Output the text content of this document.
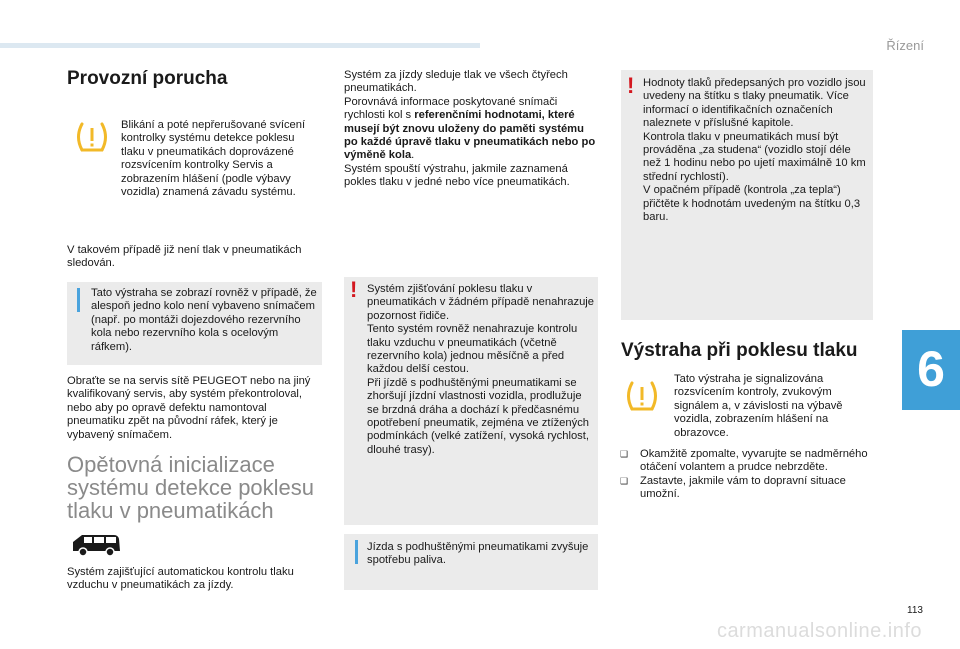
Řízení
6
Provozní porucha

Blikání a poté nepřerušované svícení kontrolky systému detekce poklesu tlaku v pneumatikách doprovázené rozsvícením kontrolky Servis a zobrazením hlášení (podle výbavy vozidla) znamená závadu systému.

V takovém případě již není tlak v pneumatikách sledován.

Tato výstraha se zobrazí rovněž v případě, že alespoň jedno kolo není vybaveno snímačem (např. po montáži dojezdového rezervního kola nebo rezervního kola s ocelovým ráfkem).

Obraťte se na servis sítě PEUGEOT nebo na jiný kvalifikovaný servis, aby systém překontroloval, nebo aby po opravě defektu namontoval pneumatiku zpět na původní ráfek, který je vybavený snímačem.

Opětovná inicializace systému detekce poklesu tlaku v pneumatikách

Systém zajišťující automatickou kontrolu tlaku vzduchu v pneumatikách za jízdy.

Systém za jízdy sleduje tlak ve všech čtyřech pneumatikách.

Porovnává informace poskytované snímači rychlosti kol s referenčními hodnotami, které musejí být znovu uloženy do paměti systému po každé úpravě tlaku v pneumatikách nebo po výměně kola.

Systém spouští výstrahu, jakmile zaznamená pokles tlaku v jedné nebo více pneumatikách.

! Systém zjišťování poklesu tlaku v pneumatikách v žádném případě nenahrazuje pozornost řidiče.
Tento systém rovněž nenahrazuje kontrolu tlaku vzduchu v pneumatikách (včetně rezervního kola) jednou měsíčně a před každou delší cestou.
Při jízdě s podhuštěnými pneumatikami se zhoršují jízdní vlastnosti vozidla, prodlužuje se brzdná dráha a dochází k předčasnému opotřebení pneumatik, zejména ve ztížených podmínkách (velké zatížení, vysoká rychlost, dlouhé trasy).

Jízda s podhuštěnými pneumatikami zvyšuje spotřebu paliva.

! Hodnoty tlaků předepsaných pro vozidlo jsou uvedeny na štítku s tlaky pneumatik. Více informací o identifikačních označeních naleznete v příslušné kapitole.
Kontrola tlaku v pneumatikách musí být prováděna „za studena“ (vozidlo stojí déle než 1 hodinu nebo po ujetí maximálně 10 km střední rychlostí).
V opačném případě (kontrola „za tepla“) přičtěte k hodnotám uvedeným na štítku 0,3 baru.

Výstraha při poklesu tlaku

Tato výstraha je signalizována rozsvícením kontroly, zvukovým signálem a, v závislosti na výbavě vozidla, zobrazením hlášení na obrazovce.

❑ Okamžitě zpomalte, vyvarujte se nadměrného otáčení volantem a prudce nebrzděte.
❑ Zastavte, jakmile vám to dopravní situace umožní.
113
carmanualsonline.info
